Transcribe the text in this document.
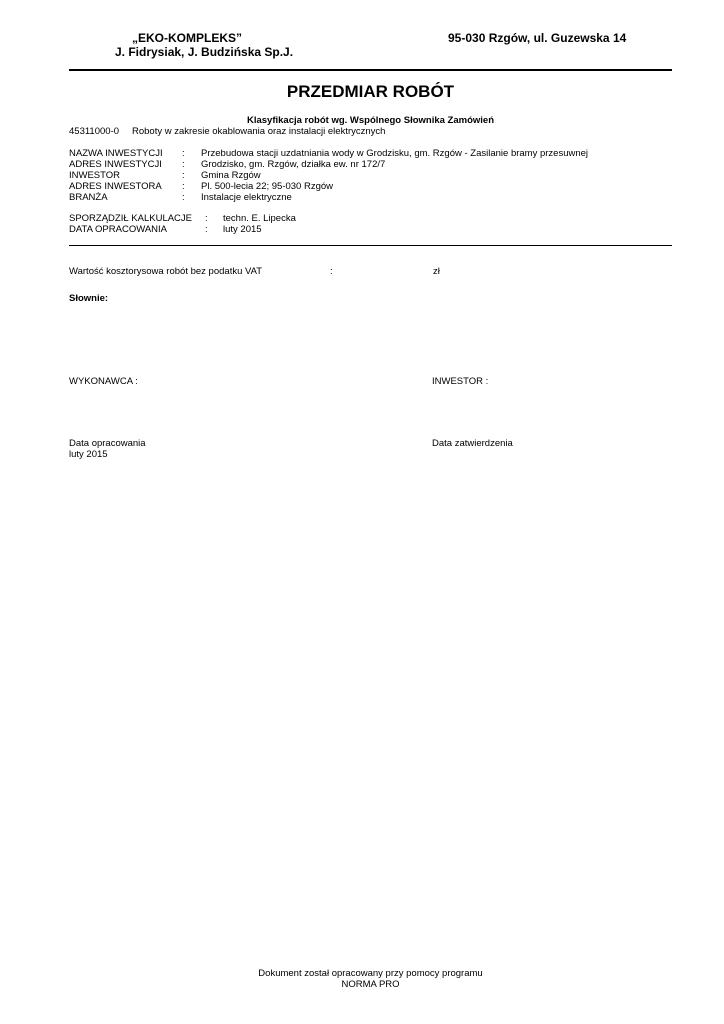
„EKO-KOMPLEKS”
J. Fidrysiak, J. Budzińska Sp.J.
95-030 Rzgów, ul. Guzewska 14
PRZEDMIAR ROBÓT
Klasyfikacja robót wg. Wspólnego Słownika Zamówień
45311000-0 Roboty w zakresie okablowania oraz instalacji elektrycznych
NAZWA INWESTYCJI : Przebudowa stacji uzdatniania wody w Grodzisku, gm. Rzgów - Zasilanie bramy przesuwnej
ADRES INWESTYCJI : Grodzisko, gm. Rzgów, działka ew. nr 172/7
INWESTOR	: Gmina Rzgów
ADRES INWESTORA : Pl. 500-lecia 22; 95-030 Rzgów
BRANŻA	: Instalacje elektryczne
SPORZĄDZIŁ KALKULACJE : techn. E. Lipecka
DATA OPRACOWANIA	: luty 2015
Wartość kosztorysowa robót bez podatku VAT	:	zł
Słownie:
WYKONAWCA :	INWESTOR :
Data opracowania
luty 2015
Data zatwierdzenia
Dokument został opracowany przy pomocy programu
NORMA PRO
